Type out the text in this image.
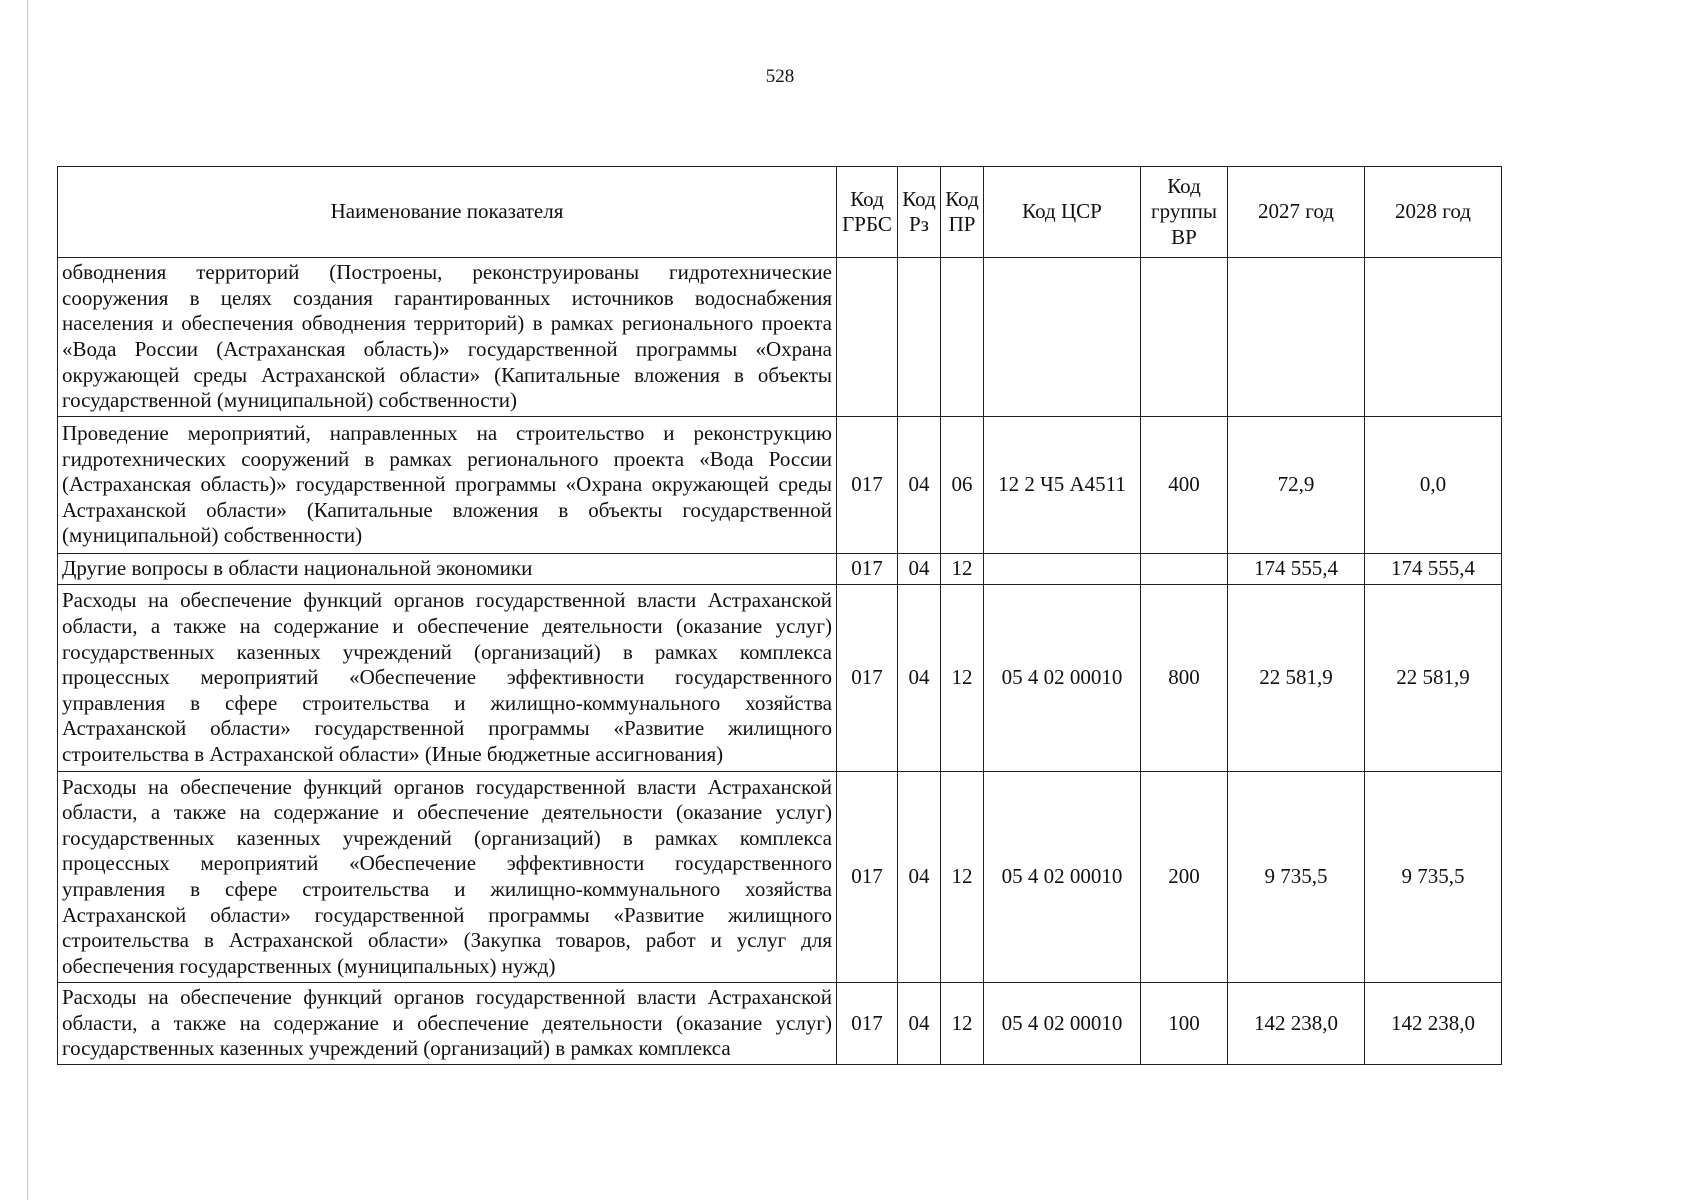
528
Наименование показателя	Код ГРБС	Код Рз	Код ПР	Код ЦСР	Код группы ВР	2027 год	2028 год
обводнения территорий (Построены, реконструированы гидротехнические сооружения в целях создания гарантированных источников водоснабжения населения и обеспечения обводнения территорий) в рамках регионального проекта «Вода России (Астраханская область)» государственной программы «Охрана окружающей среды Астраханской области» (Капитальные вложения в объекты государственной (муниципальной) собственности)							
Проведение мероприятий, направленных на строительство и реконструкцию гидротехнических сооружений в рамках регионального проекта «Вода России (Астраханская область)» государственной программы «Охрана окружающей среды Астраханской области» (Капитальные вложения в объекты государственной (муниципальной) собственности)	017	04	06	12 2 Ч5 А4511	400	72,9	0,0
Другие вопросы в области национальной экономики	017	04	12			174 555,4	174 555,4
Расходы на обеспечение функций органов государственной власти Астраханской области, а также на содержание и обеспечение деятельности (оказание услуг) государственных казенных учреждений (организаций) в рамках комплекса процессных мероприятий «Обеспечение эффективности государственного управления в сфере строительства и жилищно-коммунального хозяйства Астраханской области» государственной программы «Развитие жилищного строительства в Астраханской области» (Иные бюджетные ассигнования)	017	04	12	05 4 02 00010	800	22 581,9	22 581,9
Расходы на обеспечение функций органов государственной власти Астраханской области, а также на содержание и обеспечение деятельности (оказание услуг) государственных казенных учреждений (организаций) в рамках комплекса процессных мероприятий «Обеспечение эффективности государственного управления в сфере строительства и жилищно-коммунального хозяйства Астраханской области» государственной программы «Развитие жилищного строительства в Астраханской области» (Закупка товаров, работ и услуг для обеспечения государственных (муниципальных) нужд)	017	04	12	05 4 02 00010	200	9 735,5	9 735,5
Расходы на обеспечение функций органов государственной власти Астраханской области, а также на содержание и обеспечение деятельности (оказание услуг) государственных казенных учреждений (организаций) в рамках комплекса	017	04	12	05 4 02 00010	100	142 238,0	142 238,0
